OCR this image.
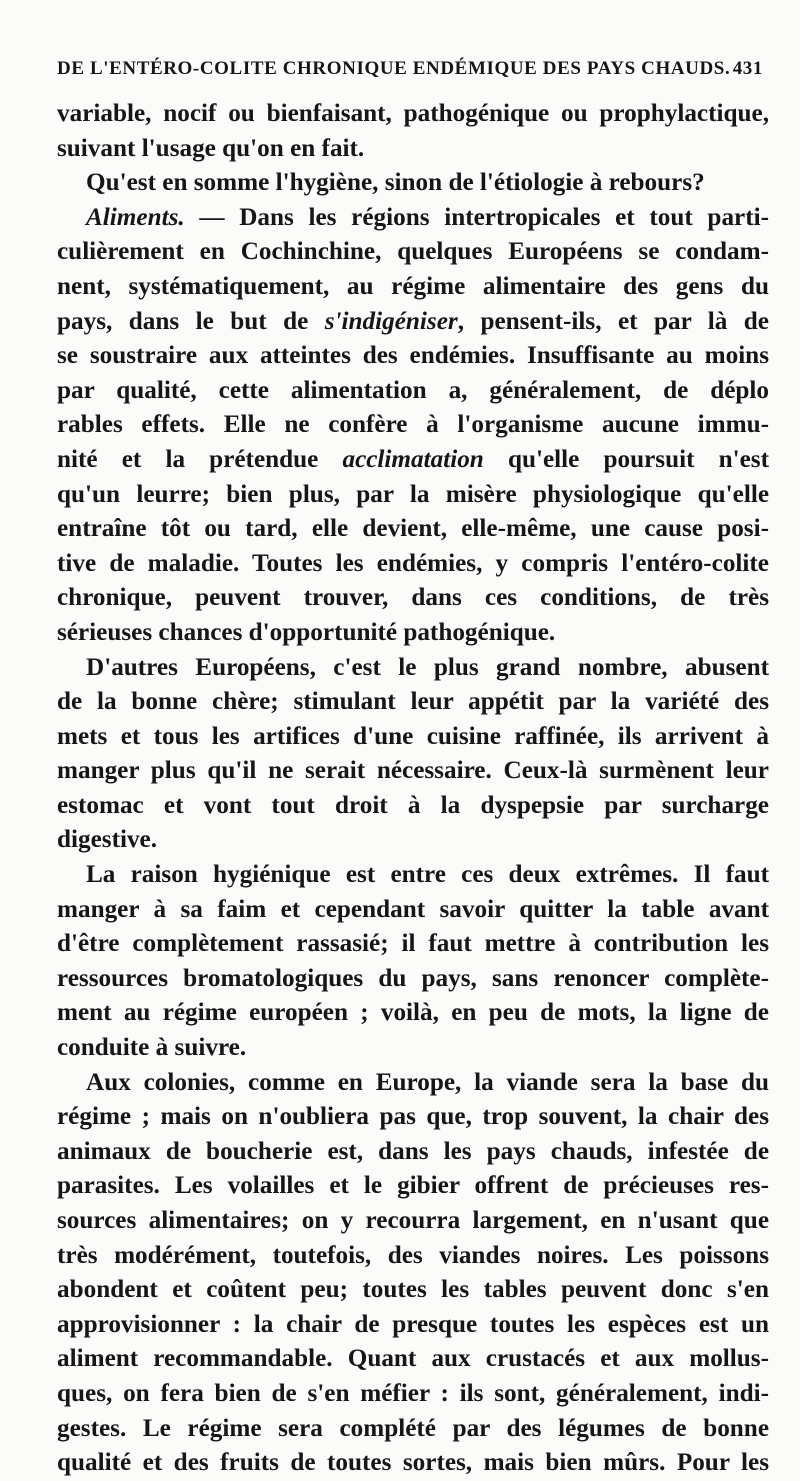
DE L'ENTÉRO-COLITE CHRONIQUE ENDÉMIQUE DES PAYS CHAUDS. 431
variable, nocif ou bienfaisant, pathogénique ou prophylactique,
suivant l'usage qu'on en fait.
Qu'est en somme l'hygiène, sinon de l'étiologie à rebours?
Aliments. — Dans les régions intertropicales et tout parti-
culièrement en Cochinchine, quelques Européens se condam-
nent, systématiquement, au régime alimentaire des gens du
pays, dans le but de s'indigéniser, pensent-ils, et par là de
se soustraire aux atteintes des endémies. Insuffisante au moins
par qualité, cette alimentation a, généralement, de déplo
rables effets. Elle ne confère à l'organisme aucune immu-
nité et la prétendue acclimatation qu'elle poursuit n'est
qu'un leurre; bien plus, par la misère physiologique qu'elle
entraîne tôt ou tard, elle devient, elle-même, une cause posi-
tive de maladie. Toutes les endémies, y compris l'entéro-colite
chronique, peuvent trouver, dans ces conditions, de très
sérieuses chances d'opportunité pathogénique.
D'autres Européens, c'est le plus grand nombre, abusent
de la bonne chère; stimulant leur appétit par la variété des
mets et tous les artifices d'une cuisine raffinée, ils arrivent à
manger plus qu'il ne serait nécessaire. Ceux-là surmènent leur
estomac et vont tout droit à la dyspepsie par surcharge
digestive.
La raison hygiénique est entre ces deux extrêmes. Il faut
manger à sa faim et cependant savoir quitter la table avant
d'être complètement rassasié; il faut mettre à contribution les
ressources bromatologiques du pays, sans renoncer complète-
ment au régime européen ; voilà, en peu de mots, la ligne de
conduite à suivre.
Aux colonies, comme en Europe, la viande sera la base du
régime ; mais on n'oubliera pas que, trop souvent, la chair des
animaux de boucherie est, dans les pays chauds, infestée de
parasites. Les volailles et le gibier offrent de précieuses res-
sources alimentaires; on y recourra largement, en n'usant que
très modérément, toutefois, des viandes noires. Les poissons
abondent et coûtent peu; toutes les tables peuvent donc s'en
approvisionner : la chair de presque toutes les espèces est un
aliment recommandable. Quant aux crustacés et aux mollus-
ques, on fera bien de s'en méfier : ils sont, généralement, indi-
gestes. Le régime sera complété par des légumes de bonne
qualité et des fruits de toutes sortes, mais bien mûrs. Pour les
